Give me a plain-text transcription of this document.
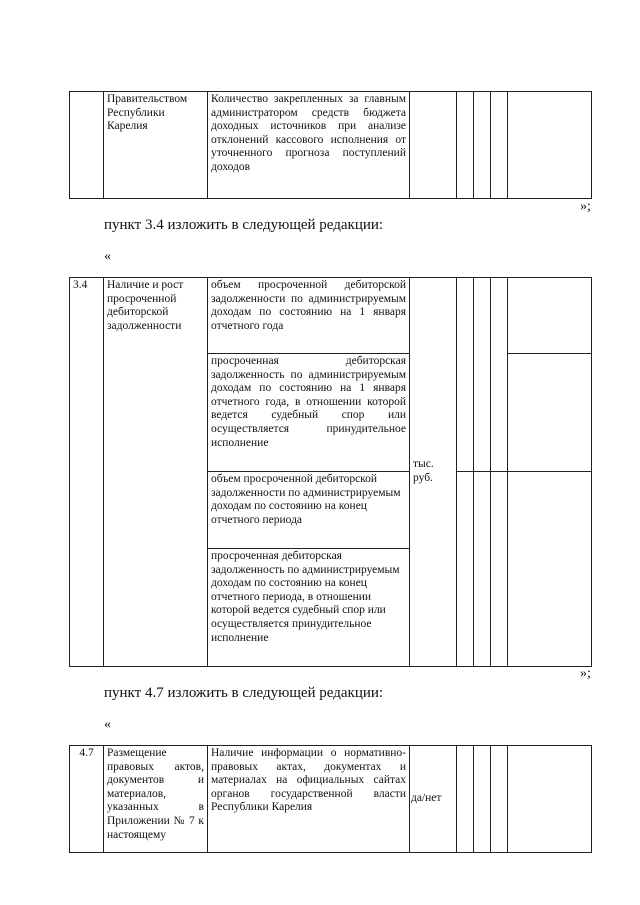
	Правительством Республики Карелия	Количество закрепленных за главным администратором средств бюджета доходных источников при анализе отклонений кассового исполнения от уточненного прогноза поступлений доходов					
»;
пункт 3.4 изложить в следующей редакции:
«
3.4	Наличие и рост просроченной дебиторской задолженности	объем просроченной дебиторской задолженности по администрируемым доходам по состоянию на 1 января отчетного года	тыс. руб.				
		просроченная дебиторская задолженность по администрируемым доходам по состоянию на 1 января отчетного года, в отношении которой ведется судебный спор или осуществляется принудительное исполнение					
		объем просроченной дебиторской задолженности по администрируемым доходам по состоянию на конец отчетного периода					
		просроченная дебиторская задолженность по администрируемым доходам по состоянию на конец отчетного периода, в отношении которой ведется судебный спор или осуществляется принудительное исполнение					
»;
пункт 4.7 изложить в следующей редакции:
«
4.7	Размещение правовых актов, документов и материалов, указанных в Приложении № 7 к настоящему	Наличие информации о нормативно-правовых актах, документах и материалах на официальных сайтах органов государственной власти Республики Карелия	да/нет				
